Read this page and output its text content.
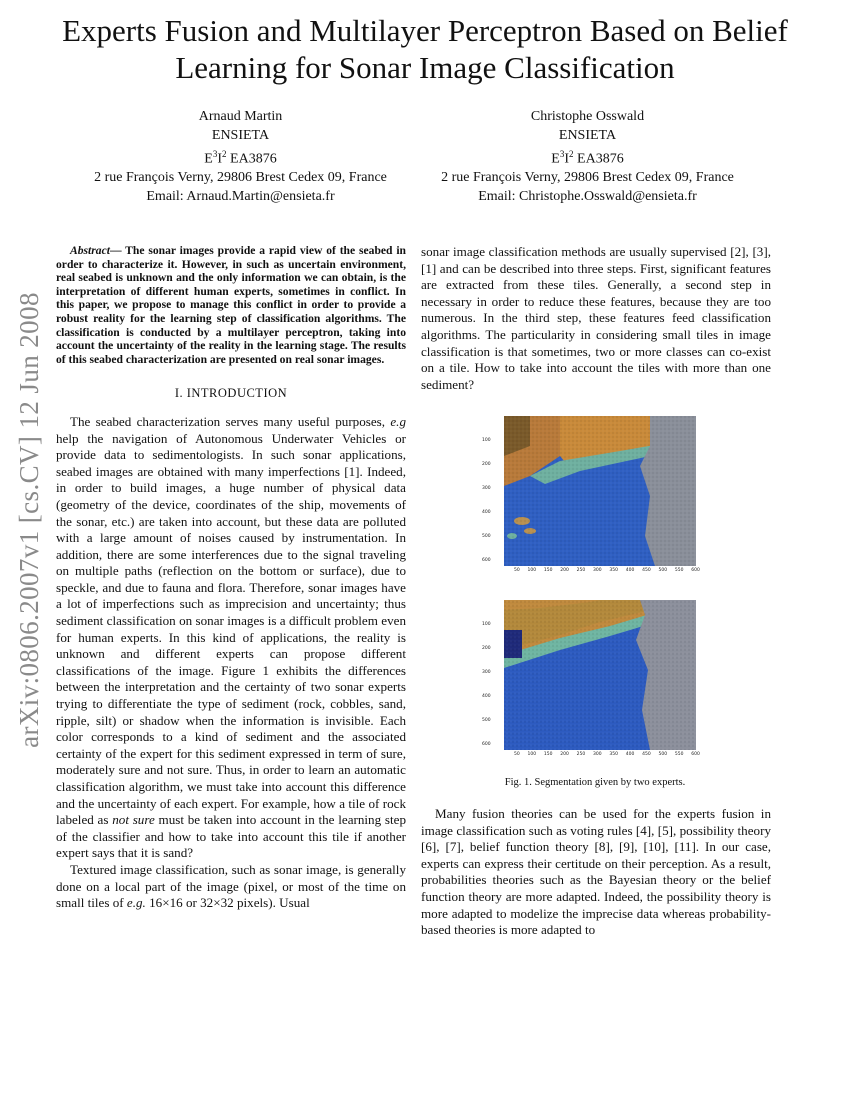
Experts Fusion and Multilayer Perceptron Based on Belief Learning for Sonar Image Classification
Arnaud Martin
ENSIETA
$E^3I^2$ EA3876
2 rue François Verny, 29806 Brest Cedex 09, France
Email: Arnaud.Martin@ensieta.fr
Christophe Osswald
ENSIETA
$E^3I^2$ EA3876
2 rue François Verny, 29806 Brest Cedex 09, France
Email: Christophe.Osswald@ensieta.fr
arXiv:0806.2007v1 [cs.CV] 12 Jun 2008

Abstract— The sonar images provide a rapid view of the seabed in order to characterize it. However, in such as uncertain environment, real seabed is unknown and the only information we can obtain, is the interpretation of different human experts, sometimes in conflict. In this paper, we propose to manage this conflict in order to provide a robust reality for the learning step of classification algorithms. The classification is conducted by a multilayer perceptron, taking into account the uncertainty of the reality in the learning stage. The results of this seabed characterization are presented on real sonar images.

I. INTRODUCTION

The seabed characterization serves many useful purposes, e.g help the navigation of Autonomous Underwater Vehicles or provide data to sedimentologists. In such sonar applications, seabed images are obtained with many imperfections [1]. Indeed, in order to build images, a huge number of physical data (geometry of the device, coordinates of the ship, movements of the sonar, etc.) are taken into account, but these data are polluted with a large amount of noises caused by instrumentation. In addition, there are some interferences due to the signal traveling on multiple paths (reflection on the bottom or surface), due to speckle, and due to fauna and flora. Therefore, sonar images have a lot of imperfections such as imprecision and uncertainty; thus sediment classification on sonar images is a difficult problem even for human experts. In this kind of applications, the reality is unknown and different experts can propose different classifications of the image. Figure 1 exhibits the differences between the interpretation and the certainty of two sonar experts trying to differentiate the type of sediment (rock, cobbles, sand, ripple, silt) or shadow when the information is invisible. Each color corresponds to a kind of sediment and the associated certainty of the expert for this sediment expressed in term of sure, moderately sure and not sure. Thus, in order to learn an automatic classification algorithm, we must take into account this difference and the uncertainty of each expert. For example, how a tile of rock labeled as not sure must be taken into account in the learning step of the classifier and how to take into account this tile if another expert says that it is sand?

Textured image classification, such as sonar image, is generally done on a local part of the image (pixel, or most of the time on small tiles of e.g. 16×16 or 32×32 pixels). Usual

sonar image classification methods are usually supervised [2], [3], [1] and can be described into three steps. First, significant features are extracted from these tiles. Generally, a second step in necessary in order to reduce these features, because they are too numerous. In the third step, these features feed classification algorithms. The particularity in considering small tiles in image classification is that sometimes, two or more classes can co-exist on a tile. How to take into account the tiles with more than one sediment?

100
200
300
400
500
600
50 100 150 200 250 300 350 400 450 500 550 600
100
200
300
400
500
600
50 100 150 200 250 300 350 400 450 500 550 600
Fig. 1. Segmentation given by two experts.

Many fusion theories can be used for the experts fusion in image classification such as voting rules [4], [5], possibility theory [6], [7], belief function theory [8], [9], [10], [11]. In our case, experts can express their certitude on their perception. As a result, probabilities theories such as the Bayesian theory or the belief function theory are more adapted. Indeed, the possibility theory is more adapted to modelize the imprecise data whereas probability-based theories is more adapted to
